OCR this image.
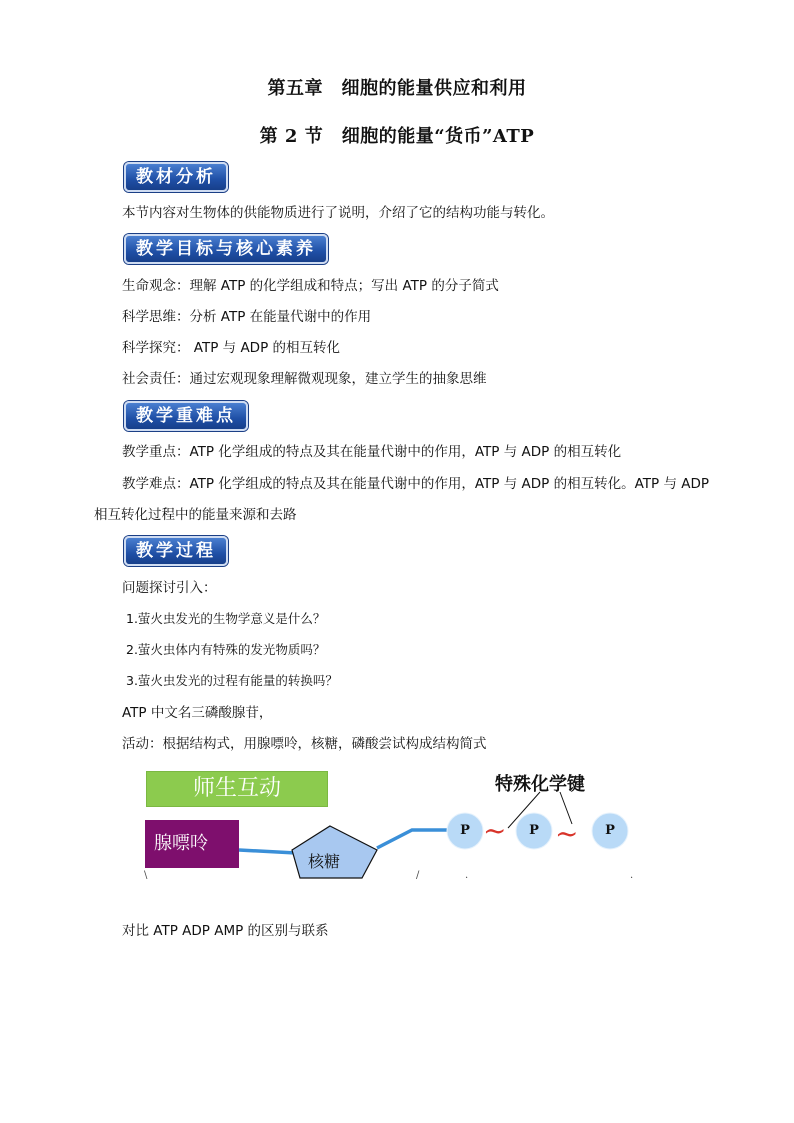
第五章　细胞的能量供应和利用
第 2 节　细胞的能量“货币”ATP
教材分析
本节内容对生物体的供能物质进行了说明，介绍了它的结构功能与转化。
教学目标与核心素养
生命观念：理解 ATP 的化学组成和特点；写出 ATP 的分子简式
科学思维：分析 ATP 在能量代谢中的作用
科学探究： ATP 与 ADP 的相互转化
社会责任：通过宏观现象理解微观现象，建立学生的抽象思维
教学重难点
教学重点：ATP 化学组成的特点及其在能量代谢中的作用，ATP 与 ADP 的相互转化
教学难点：ATP 化学组成的特点及其在能量代谢中的作用，ATP 与 ADP 的相互转化。ATP 与 ADP
相互转化过程中的能量来源和去路
教学过程
问题探讨引入：
1.萤火虫发光的生物学意义是什么？
2.萤火虫体内有特殊的发光物质吗？
3.萤火虫发光的过程有能量的转换吗？
ATP 中文名三磷酸腺苷，
活动：根据结构式，用腺嘌呤，核糖，磷酸尝试构成结构简式
~ ~
\	/	.	.
师生互动
腺嘌呤
核糖
特殊化学键
P	P	P
对比 ATP ADP AMP 的区别与联系
